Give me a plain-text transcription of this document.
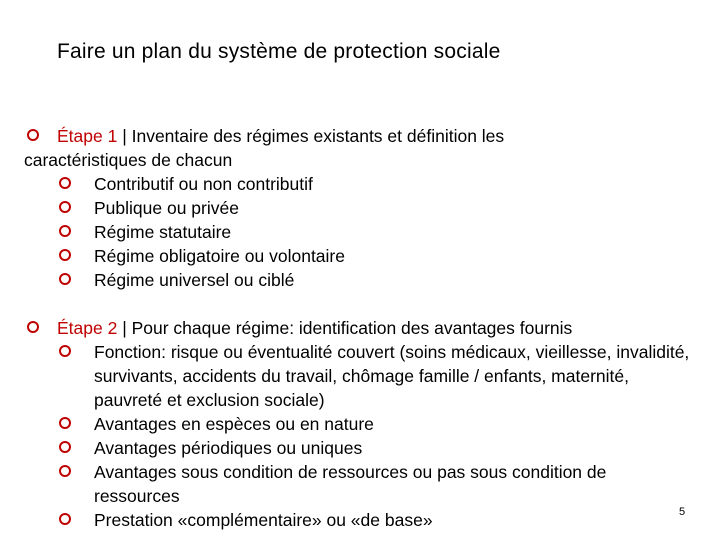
Faire un plan du système de protection sociale
Étape 1 | Inventaire des régimes existants et définition les
caractéristiques de chacun
Contributif ou non contributif
Publique ou privée
Régime statutaire
Régime obligatoire ou volontaire
Régime universel ou ciblé
Étape 2 | Pour chaque régime: identification des avantages fournis
Fonction: risque ou éventualité couvert (soins médicaux, vieillesse, invalidité, survivants, accidents du travail, chômage famille / enfants, maternité, pauvreté et exclusion sociale)
Avantages en espèces ou en nature
Avantages périodiques ou uniques
Avantages sous condition de ressources ou pas sous condition de ressources
Prestation «complémentaire» ou «de base»	5
